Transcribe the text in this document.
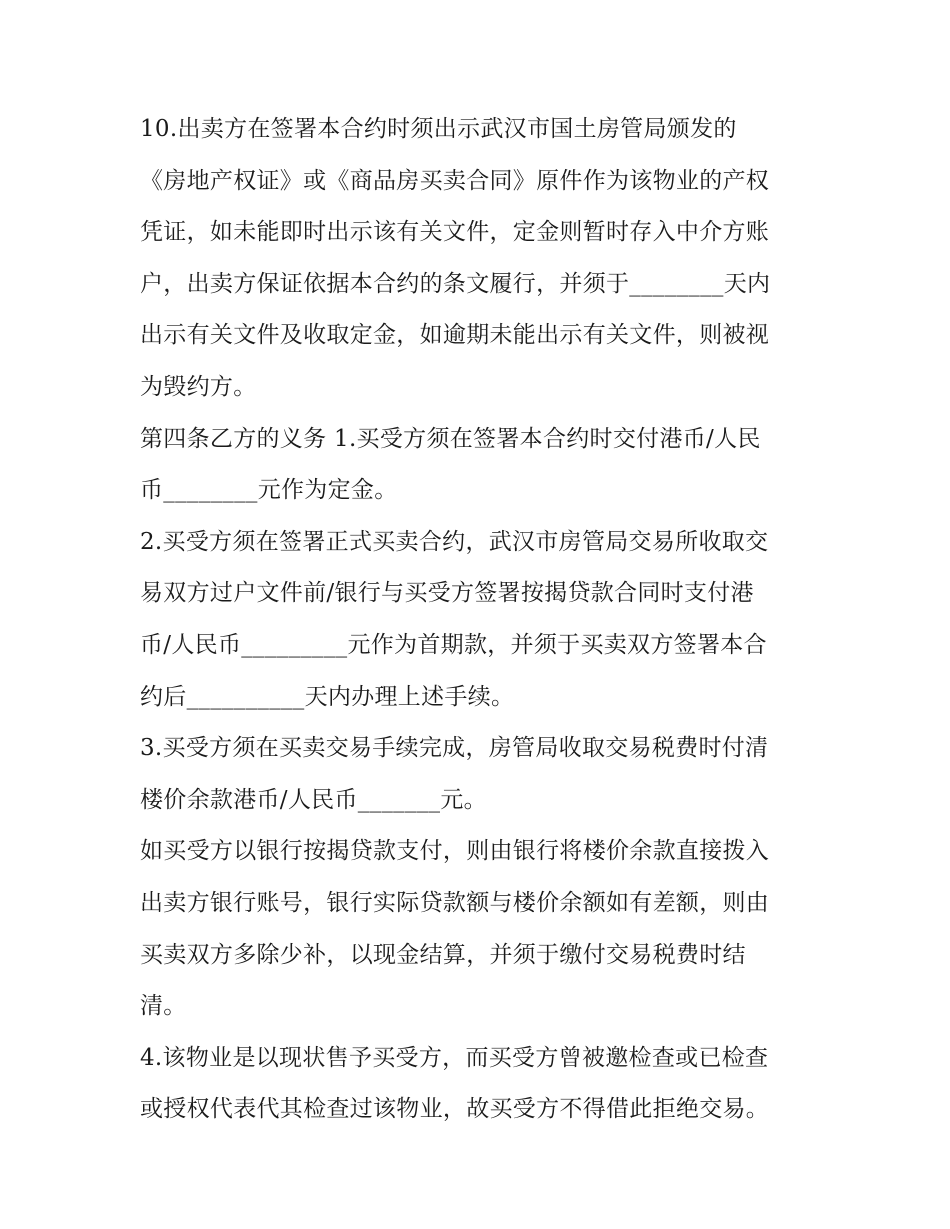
10.出卖方在签署本合约时须出示武汉市国土房管局颁发的
《房地产权证》或《商品房买卖合同》原件作为该物业的产权
凭证，如未能即时出示该有关文件，定金则暂时存入中介方账
户，出卖方保证依据本合约的条文履行，并须于________天内
出示有关文件及收取定金，如逾期未能出示有关文件，则被视
为毁约方。
第四条乙方的义务 1.买受方须在签署本合约时交付港币/人民
币________元作为定金。
2.买受方须在签署正式买卖合约，武汉市房管局交易所收取交
易双方过户文件前/银行与买受方签署按揭贷款合同时支付港
币/人民币_________元作为首期款，并须于买卖双方签署本合
约后__________天内办理上述手续。
3.买受方须在买卖交易手续完成，房管局收取交易税费时付清
楼价余款港币/人民币_______元。
如买受方以银行按揭贷款支付，则由银行将楼价余款直接拨入
出卖方银行账号，银行实际贷款额与楼价余额如有差额，则由
买卖双方多除少补，以现金结算，并须于缴付交易税费时结
清。
4.该物业是以现状售予买受方，而买受方曾被邀检查或已检查
或授权代表代其检查过该物业，故买受方不得借此拒绝交易。
